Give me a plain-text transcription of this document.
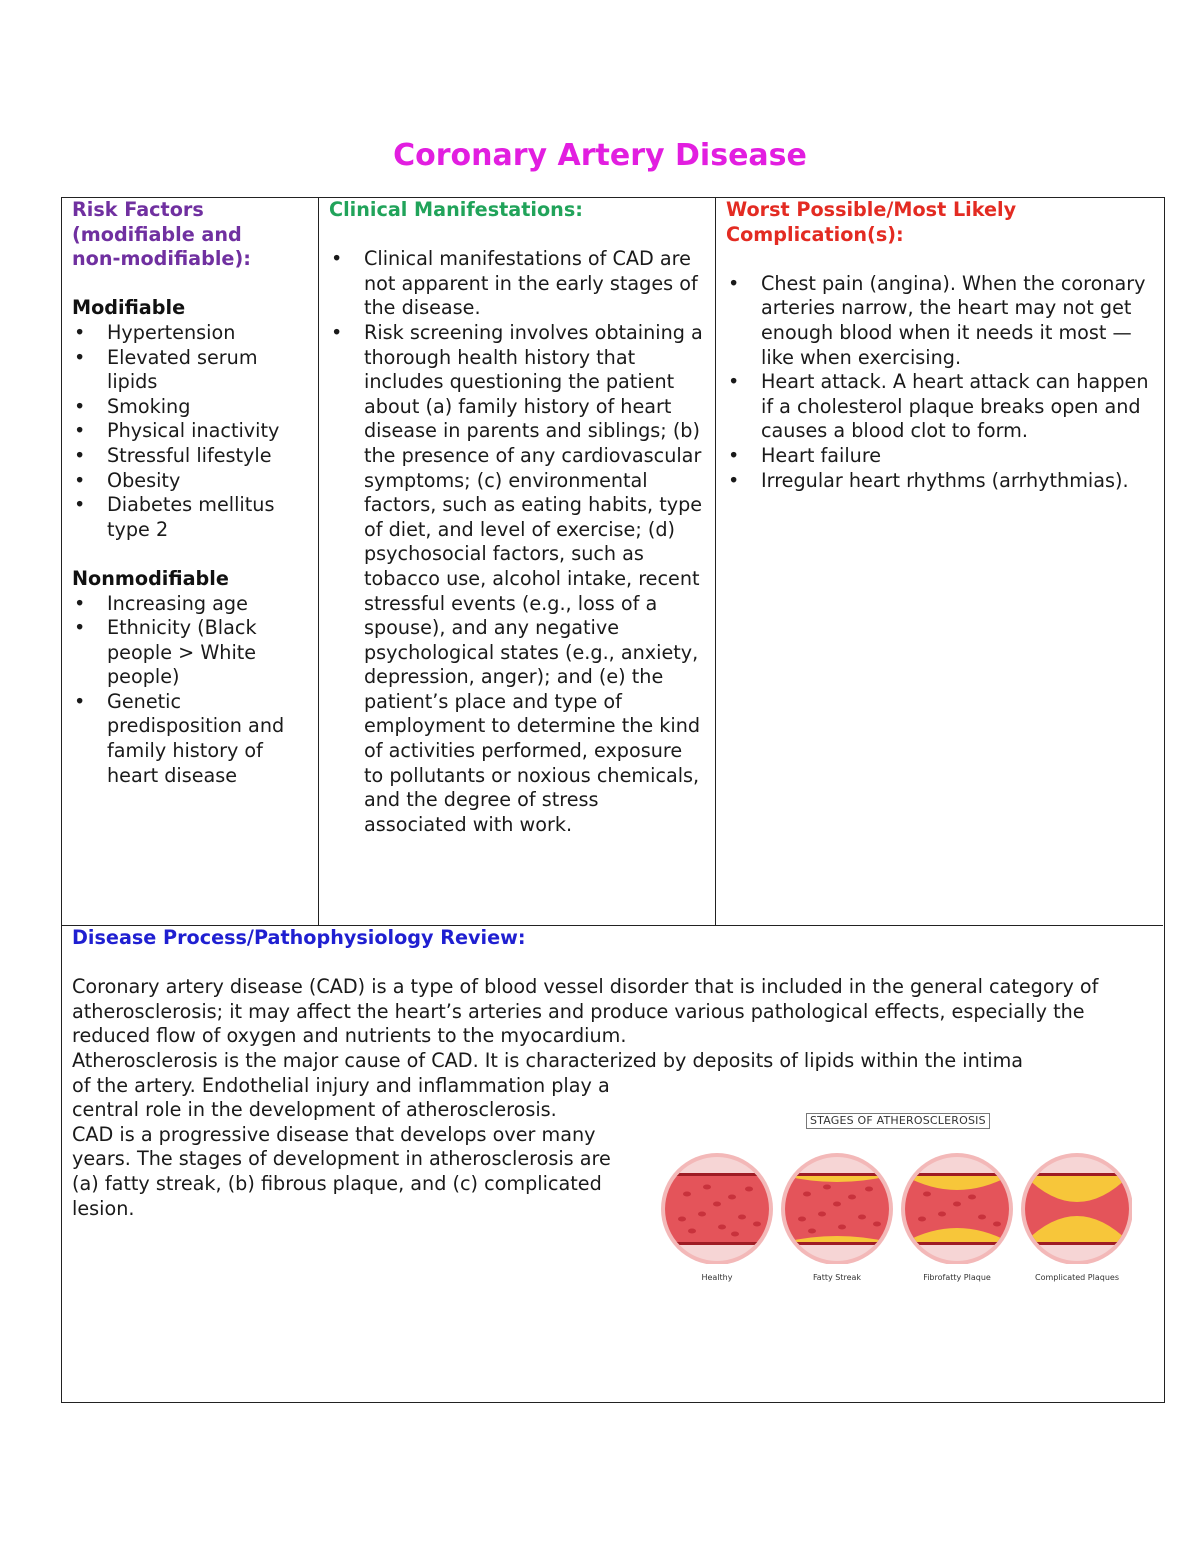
Coronary Artery Disease

Risk Factors
(modifiable and
non-modifiable):

Modifiable

• Hypertension
• Elevated serum lipids
• Smoking
• Physical inactivity
• Stressful lifestyle
• Obesity
• Diabetes mellitus type 2

Nonmodifiable

• Increasing age
• Ethnicity (Black people > White people)
• Genetic predisposition and family history of heart disease

Clinical Manifestations:

• Clinical manifestations of CAD are not apparent in the early stages of the disease.
• Risk screening involves obtaining a thorough health history that includes questioning the patient about (a) family history of heart disease in parents and siblings; (b) the presence of any cardiovascular symptoms; (c) environmental factors, such as eating habits, type of diet, and level of exercise; (d) psychosocial factors, such as tobacco use, alcohol intake, recent stressful events (e.g., loss of a spouse), and any negative psychological states (e.g., anxiety, depression, anger); and (e) the patient’s place and type of employment to determine the kind of activities performed, exposure to pollutants or noxious chemicals, and the degree of stress associated with work.

Worst Possible/Most Likely
Complication(s):

• Chest pain (angina). When the coronary arteries narrow, the heart may not get enough blood when it needs it most — like when exercising.
• Heart attack. A heart attack can happen if a cholesterol plaque breaks open and causes a blood clot to form.
• Heart failure
• Irregular heart rhythms (arrhythmias).

Disease Process/Pathophysiology Review:

Coronary artery disease (CAD) is a type of blood vessel disorder that is included in the general category of atherosclerosis; it may affect the heart’s arteries and produce various pathological effects, especially the reduced flow of oxygen and nutrients to the myocardium.

Atherosclerosis is the major cause of CAD. It is characterized by deposits of lipids within the intima

of the artery. Endothelial injury and inflammation play a central role in the development of atherosclerosis.

CAD is a progressive disease that develops over many years. The stages of development in atherosclerosis are (a) fatty streak, (b) fibrous plaque, and (c) complicated lesion.

STAGES OF ATHEROSCLEROSIS
Healthy	Fatty Streak	Fibrofatty Plaque	Complicated Plaques
